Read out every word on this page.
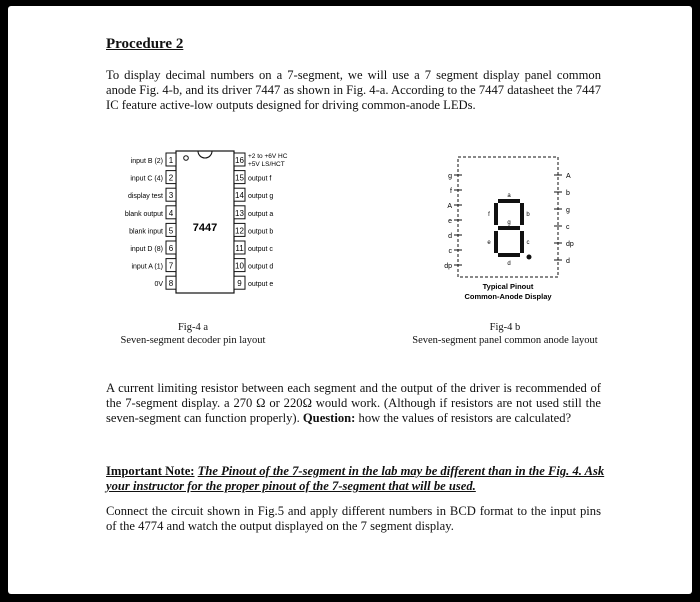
Procedure 2

To display decimal numbers on a 7-segment, we will use a 7 segment display panel common anode Fig. 4-b, and its driver 7447 as shown in Fig. 4-a. According to the 7447 datasheet the 7447 IC feature active-low outputs designed for driving common-anode LEDs.

7447
1
input B (2)
2
input C (4)
3
display test
4
blank output
5
blank input
6
input D (8)
7
input A (1)
8
0V
16 +2 to +6V HC
+5V LS/HCT
15 output f
14 output g
13 output a
12 output b
11 output c
10 output d
9 output e
Fig-4 a
Seven-segment decoder pin layout
g
f
A
e
d
c
dp
A
b
g
c
dp
d
a
b
c
d
e
f
g
Typical Pinout
Common-Anode Display
Fig-4 b
Seven-segment panel common anode layout

A current limiting resistor between each segment and the output of the driver is recommended of the 7-segment display. a 270 Ω or 220Ω would work. (Although if resistors are not used still the seven-segment can function properly). Question: how the values of resistors are calculated?

Important Note: The Pinout of the 7-segment in the lab may be different than in the Fig. 4. Ask your instructor for the proper pinout of the 7-segment that will be used.

Connect the circuit shown in Fig.5 and apply different numbers in BCD format to the input pins of the 4774 and watch the output displayed on the 7 segment display.
